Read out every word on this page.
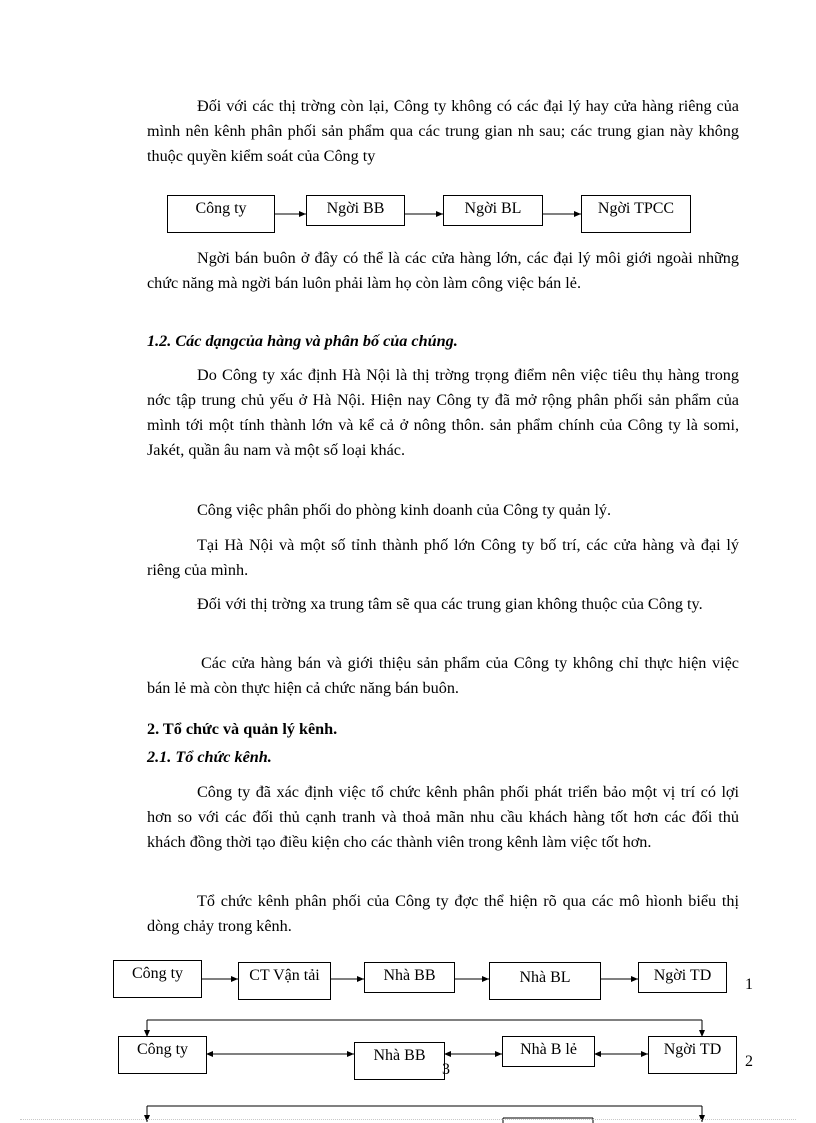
Đối với các thị trờng còn lại, Công ty không có các đại lý hay cửa hàng riêng của mình nên kênh phân phối sản phẩm qua các trung gian nh sau; các trung gian này không thuộc quyền kiểm soát của Công ty

Công ty	Ngời BB	Ngời BL	Ngời TPCC

Ngời bán buôn ở đây có thể là các cửa hàng lớn, các đại lý môi giới ngoài những chức năng mà ngời bán luôn phải làm họ còn làm công việc bán lẻ.

1.2. Các dạngcủa hàng và phân bố của chúng.

Do Công ty xác định Hà Nội là thị trờng trọng điểm nên việc tiêu thụ hàng trong nớc tập trung chủ yếu ở Hà Nội. Hiện nay Công ty đã mở rộng phân phối sản phẩm của mình tới một tính thành lớn và kể cả ở nông thôn. sản phẩm chính của Công ty là somi, Jakét, quần âu nam và một số loại khác.

Công việc phân phối do phòng kinh doanh của Công ty quản lý.

Tại Hà Nội và một số tỉnh thành phố lớn Công ty bố trí, các cửa hàng và đại lý riêng của mình.

Đối với thị trờng xa trung tâm sẽ qua các trung gian không thuộc của Công ty.

Các cửa hàng bán và giới thiệu sản phẩm của Công ty không chỉ thực hiện việc bán lẻ mà còn thực hiện cả chức năng bán buôn.

2. Tổ chức và quản lý kênh.
2.1. Tổ chức kênh.

Công ty đã xác định việc tổ chức kênh phân phối phát triển bảo một vị trí có lợi hơn so với các đối thủ cạnh tranh và thoả mãn nhu cầu khách hàng tốt hơn các đối thủ khách đồng thời tạo điều kiện cho các thành viên trong kênh làm việc tốt hơn.

Tổ chức kênh phân phối của Công ty đợc thể hiện rõ qua các mô hìonh biểu thị dòng chảy trong kênh.

Công ty	CT Vận tải	Nhà BB	Nhà BL	Ngời TD
1
Công ty	Nhà BB	Nhà B lẻ	Ngời TD
2
3
